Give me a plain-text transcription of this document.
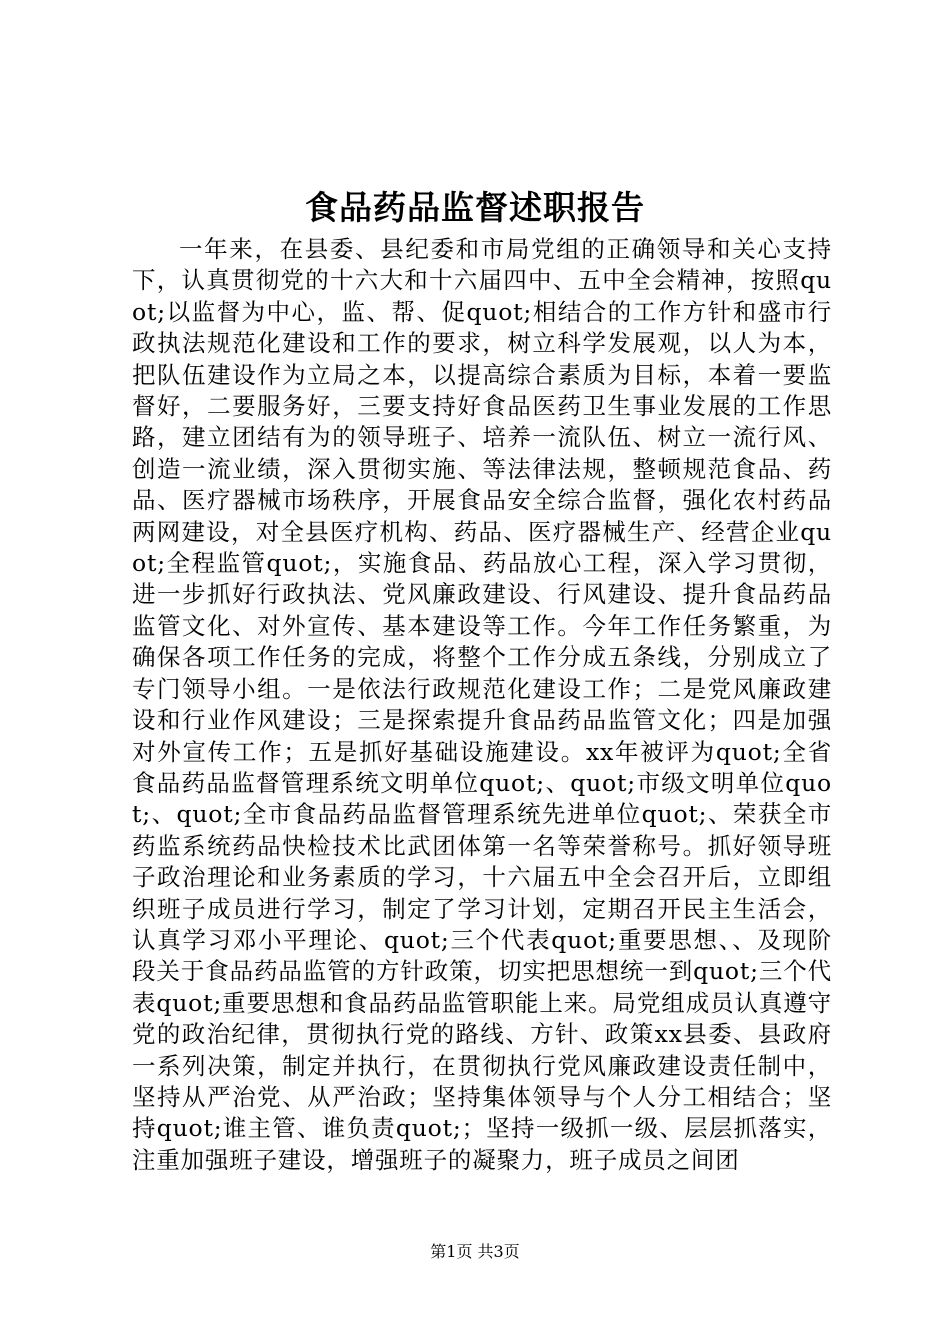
食品药品监督述职报告

一年来，在县委、县纪委和市局党组的正确领导和关心支持下，认真贯彻党的十六大和十六届四中、五中全会精神，按照quot;以监督为中心，监、帮、促quot;相结合的工作方针和盛市行政执法规范化建设和工作的要求，树立科学发展观，以人为本，把队伍建设作为立局之本，以提高综合素质为目标，本着一要监督好，二要服务好，三要支持好食品医药卫生事业发展的工作思路，建立团结有为的领导班子、培养一流队伍、树立一流行风、创造一流业绩，深入贯彻实施、等法律法规，整顿规范食品、药品、医疗器械市场秩序，开展食品安全综合监督，强化农村药品两网建设，对全县医疗机构、药品、医疗器械生产、经营企业quot;全程监管quot;，实施食品、药品放心工程，深入学习贯彻，进一步抓好行政执法、党风廉政建设、行风建设、提升食品药品监管文化、对外宣传、基本建设等工作。今年工作任务繁重，为确保各项工作任务的完成，将整个工作分成五条线，分别成立了专门领导小组。一是依法行政规范化建设工作；二是党风廉政建设和行业作风建设；三是探索提升食品药品监管文化；四是加强对外宣传工作；五是抓好基础设施建设。xx年被评为quot;全省食品药品监督管理系统文明单位quot;、quot;市级文明单位quot;、quot;全市食品药品监督管理系统先进单位quot;、荣获全市药监系统药品快检技术比武团体第一名等荣誉称号。抓好领导班子政治理论和业务素质的学习，十六届五中全会召开后，立即组织班子成员进行学习，制定了学习计划，定期召开民主生活会，认真学习邓小平理论、quot;三个代表quot;重要思想、、及现阶段关于食品药品监管的方针政策，切实把思想统一到quot;三个代表quot;重要思想和食品药品监管职能上来。局党组成员认真遵守党的政治纪律，贯彻执行党的路线、方针、政策xx县委、县政府一系列决策，制定并执行，在贯彻执行党风廉政建设责任制中，坚持从严治党、从严治政；坚持集体领导与个人分工相结合；坚持quot;谁主管、谁负责quot;；坚持一级抓一级、层层抓落实，注重加强班子建设，增强班子的凝聚力，班子成员之间团

第1页 共3页
